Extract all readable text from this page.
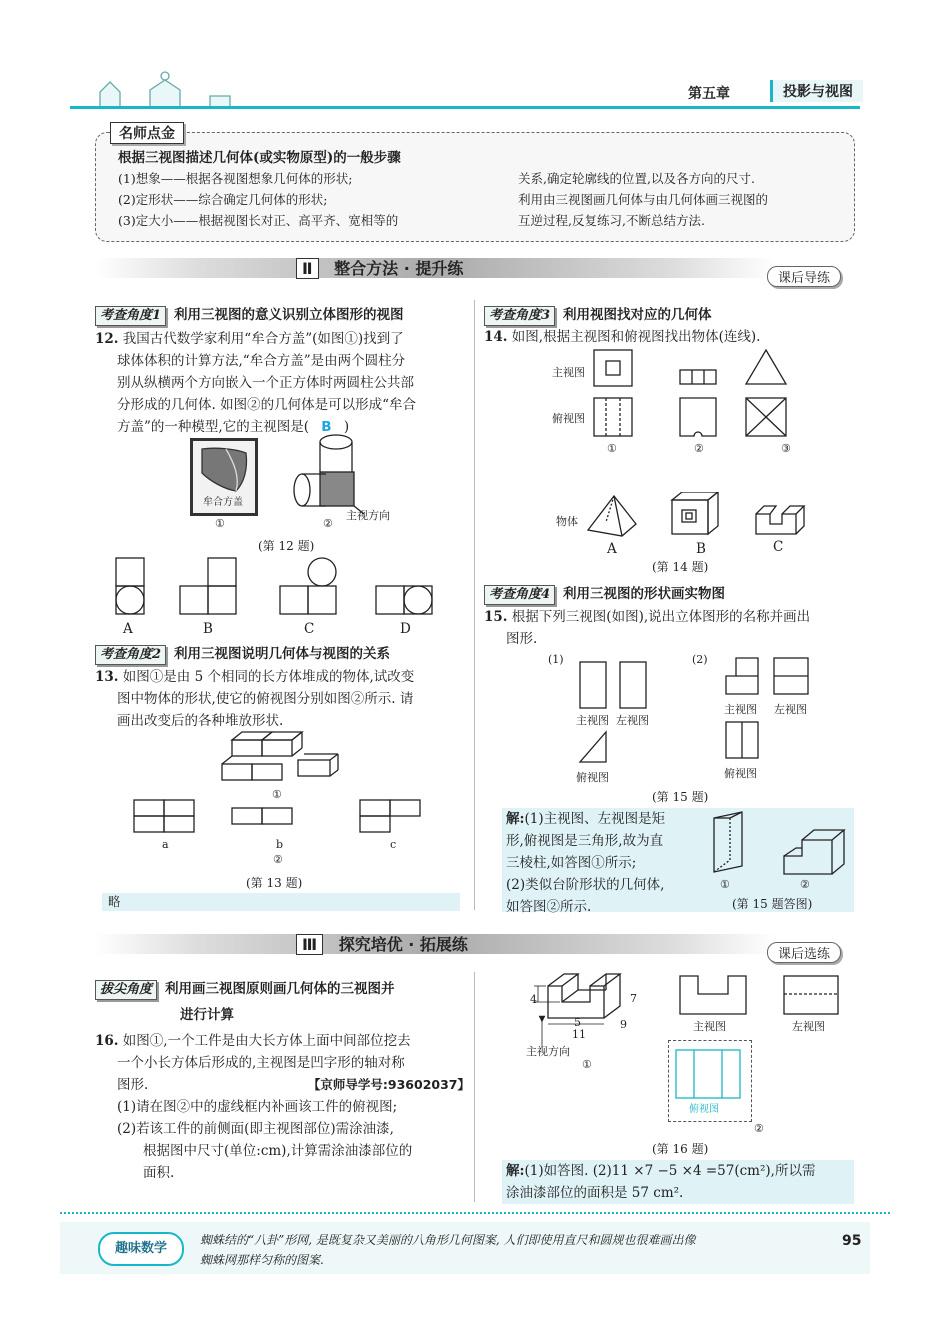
第五章	投影与视图
名师点金
根据三视图描述几何体(或实物原型)的一般步骤
(1)想象——根据各视图想象几何体的形状;
(2)定形状——综合确定几何体的形状;
(3)定大小——根据视图长对正、高平齐、宽相等的
关系,确定轮廓线的位置,以及各方向的尺寸.
利用由三视图画几何体与由几何体画三视图的
互逆过程,反复练习,不断总结方法.
Ⅱ 整合方法 · 提升练
课后导练
考查角度1 利用三视图的意义识别立体图形的视图
12. 我国古代数学家利用“牟合方盖”(如图①)找到了
球体体积的计算方法,“牟合方盖”是由两个圆柱分
别从纵横两个方向嵌入一个正方体时两圆柱公共部
分形成的几何体. 如图②的几何体是可以形成“牟合
方盖”的一种模型,它的主视图是( B )
牟合方盖
①
主视方向
②
(第 12 题)
A	B	C	D
考查角度2 利用三视图说明几何体与视图的关系
13. 如图①是由 5 个相同的长方体堆成的物体,试改变
图中物体的形状,使它的俯视图分别如图②所示. 请
画出改变后的各种堆放形状.
①
a	b	c
②
(第 13 题)
略
考查角度3 利用视图找对应的几何体
14. 如图,根据主视图和俯视图找出物体(连线).
主视图
俯视图
①	②	③
物体
A	B	C
(第 14 题)
考查角度4 利用三视图的形状画实物图
15. 根据下列三视图(如图),说出立体图形的名称并画出
图形.
(1)	(2)
主视图 左视图
俯视图
主视图 左视图
俯视图
(第 15 题)
解:(1)主视图、左视图是矩
形,俯视图是三角形,故为直
三棱柱,如答图①所示;
(2)类似台阶形状的几何体,
如答图②所示.
①	②
(第 15 题答图)
Ⅲ 探究培优 · 拓展练
课后选练
拔尖角度 利用画三视图原则画几何体的三视图并
进行计算
16. 如图①,一个工件是由大长方体上面中间部位挖去
一个小长方体后形成的,主视图是凹字形的轴对称
图形.	【京师导学号:93602037】
(1)请在图②中的虚线框内补画该工件的俯视图;
(2)若该工件的前侧面(即主视图部位)需涂油漆,
根据图中尺寸(单位:cm),计算需涂油漆部位的
面积.
4	7
5
11
9
主视方向
①
主视图	左视图
俯视图
②
(第 16 题)
解:(1)如答图. (2)11 ×7 −5 ×4 =57(cm²),所以需
涂油漆部位的面积是 57 cm².
趣味数学
蜘蛛结的“八卦”形网, 是既复杂又美丽的八角形几何图案, 人们即使用直尺和圆规也很难画出像
蜘蛛网那样匀称的图案.
95
